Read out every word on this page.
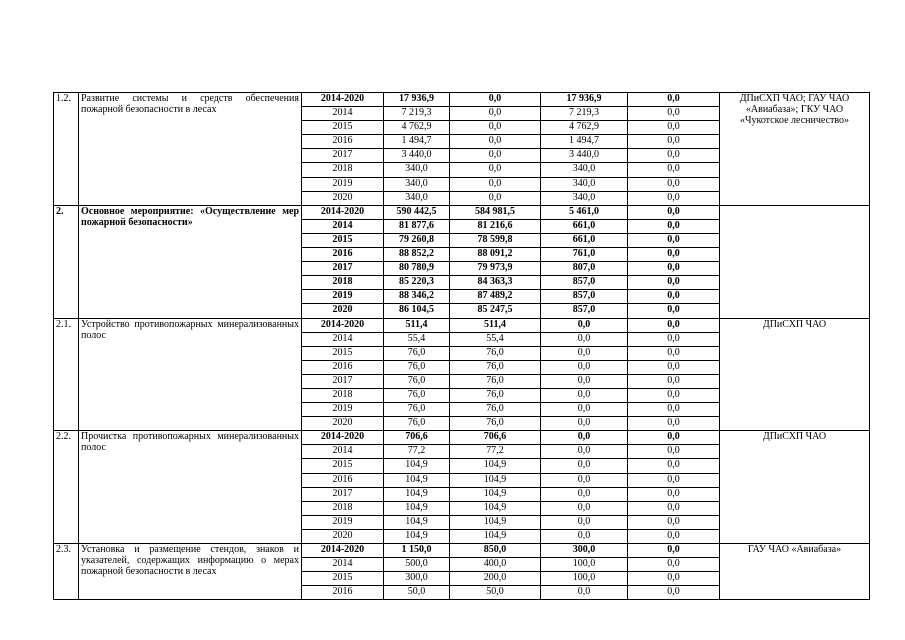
1.2.	Развитие системы и средств обеспечения пожарной безопасности в лесах	2014-2020	17 936,9	0,0	17 936,9	0,0	ДПиСХП ЧАО; ГАУ ЧАО «Авиабаза»; ГКУ ЧАО «Чукотское лесничество»
		2014	7 219,3	0,0	7 219,3	0,0	
		2015	4 762,9	0,0	4 762,9	0,0	
		2016	1 494,7	0,0	1 494,7	0,0	
		2017	3 440,0	0,0	3 440,0	0,0	
		2018	340,0	0,0	340,0	0,0	
		2019	340,0	0,0	340,0	0,0	
		2020	340,0	0,0	340,0	0,0	
2.	Основное мероприятие: «Осуществление мер пожарной безопасности»	2014-2020	590 442,5	584 981,5	5 461,0	0,0	
		2014	81 877,6	81 216,6	661,0	0,0	
		2015	79 260,8	78 599,8	661,0	0,0	
		2016	88 852,2	88 091,2	761,0	0,0	
		2017	80 780,9	79 973,9	807,0	0,0	
		2018	85 220,3	84 363,3	857,0	0,0	
		2019	88 346,2	87 489,2	857,0	0,0	
		2020	86 104,5	85 247,5	857,0	0,0	
2.1.	Устройство противопожарных минерализованных полос	2014-2020	511,4	511,4	0,0	0,0	ДПиСХП ЧАО
		2014	55,4	55,4	0,0	0,0	
		2015	76,0	76,0	0,0	0,0	
		2016	76,0	76,0	0,0	0,0	
		2017	76,0	76,0	0,0	0,0	
		2018	76,0	76,0	0,0	0,0	
		2019	76,0	76,0	0,0	0,0	
		2020	76,0	76,0	0,0	0,0	
2.2.	Прочистка противопожарных минерализованных полос	2014-2020	706,6	706,6	0,0	0,0	ДПиСХП ЧАО
		2014	77,2	77,2	0,0	0,0	
		2015	104,9	104,9	0,0	0,0	
		2016	104,9	104,9	0,0	0,0	
		2017	104,9	104,9	0,0	0,0	
		2018	104,9	104,9	0,0	0,0	
		2019	104,9	104,9	0,0	0,0	
		2020	104,9	104,9	0,0	0,0	
2.3.	Установка и размещение стендов, знаков и указателей, содержащих информацию о мерах пожарной безопасности в лесах	2014-2020	1 150,0	850,0	300,0	0,0	ГАУ ЧАО «Авиабаза»
		2014	500,0	400,0	100,0	0,0	
		2015	300,0	200,0	100,0	0,0	
		2016	50,0	50,0	0,0	0,0	
